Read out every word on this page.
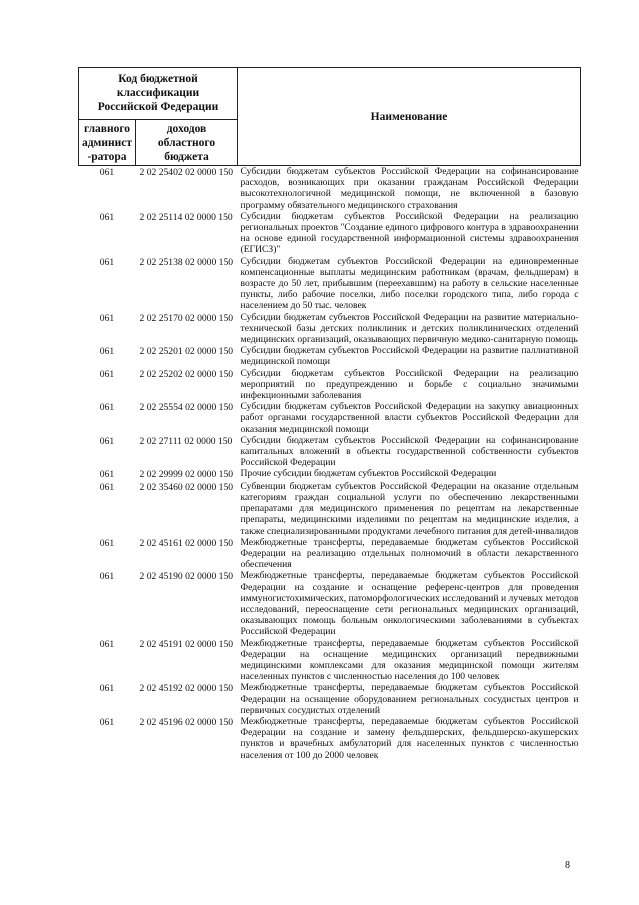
Код бюджетной классификации Российской Федерации		Наименование
главного админист-ратора	доходов областного бюджета	
061	2 02 25402 02 0000 150	Субсидии бюджетам субъектов Российской Федерации на софинансирование расходов, возникающих при оказании гражданам Российской Федерации высокотехнологичной медицинской помощи, не включенной в базовую программу обязательного медицинского страхования
061	2 02 25114 02 0000 150	Субсидии бюджетам субъектов Российской Федерации на реализацию региональных проектов "Создание единого цифрового контура в здравоохранении на основе единой государственной информационной системы здравоохранения (ЕГИСЗ)"
061	2 02 25138 02 0000 150	Субсидии бюджетам субъектов Российской Федерации на единовременные компенсационные выплаты медицинским работникам (врачам, фельдшерам) в возрасте до 50 лет, прибывшим (переехавшим) на работу в сельские населенные пункты, либо рабочие поселки, либо поселки городского типа, либо города с населением до 50 тыс. человек
061	2 02 25170 02 0000 150	Субсидии бюджетам субъектов Российской Федерации на развитие материально-технической базы детских поликлиник и детских поликлинических отделений медицинских организаций, оказывающих первичную медико-санитарную помощь
061	2 02 25201 02 0000 150	Субсидии бюджетам субъектов Российской Федерации на развитие паллиативной медицинской помощи
061	2 02 25202 02 0000 150	Субсидии бюджетам субъектов Российской Федерации на реализацию мероприятий по предупреждению и борьбе с социально значимыми инфекционными заболевания
061	2 02 25554 02 0000 150	Субсидии бюджетам субъектов Российской Федерации на закупку авиационных работ органами государственной власти субъектов Российской Федерации для оказания медицинской помощи
061	2 02 27111 02 0000 150	Субсидии бюджетам субъектов Российской Федерации на софинансирование капитальных вложений в объекты государственной собственности субъектов Российской Федерации
061	2 02 29999 02 0000 150	Прочие субсидии бюджетам субъектов Российской Федерации
061	2 02 35460 02 0000 150	Субвенции бюджетам субъектов Российской Федерации на оказание отдельным категориям граждан социальной услуги по обеспечению лекарственными препаратами для медицинского применения по рецептам на лекарственные препараты, медицинскими изделиями по рецептам на медицинские изделия, а также специализированными продуктами лечебного питания для детей-инвалидов
061	2 02 45161 02 0000 150	Межбюджетные трансферты, передаваемые бюджетам субъектов Российской Федерации на реализацию отдельных полномочий в области лекарственного обеспечения
061	2 02 45190 02 0000 150	Межбюджетные трансферты, передаваемые бюджетам субъектов Российской Федерации на создание и оснащение референс-центров для проведения иммуногистохимических, патоморфологических исследований и лучевых методов исследований, переоснащение сети региональных медицинских организаций, оказывающих помощь больным онкологическими заболеваниями в субъектах Российской Федерации
061	2 02 45191 02 0000 150	Межбюджетные трансферты, передаваемые бюджетам субъектов Российской Федерации на оснащение медицинских организаций передвижными медицинскими комплексами для оказания медицинской помощи жителям населенных пунктов с численностью населения до 100 человек
061	2 02 45192 02 0000 150	Межбюджетные трансферты, передаваемые бюджетам субъектов Российской Федерации на оснащение оборудованием региональных сосудистых центров и первичных сосудистых отделений
061	2 02 45196 02 0000 150	Межбюджетные трансферты, передаваемые бюджетам субъектов Российской Федерации на создание и замену фельдшерских, фельдшерско-акушерских пунктов и врачебных амбулаторий для населенных пунктов с численностью населения от 100 до 2000 человек
8
